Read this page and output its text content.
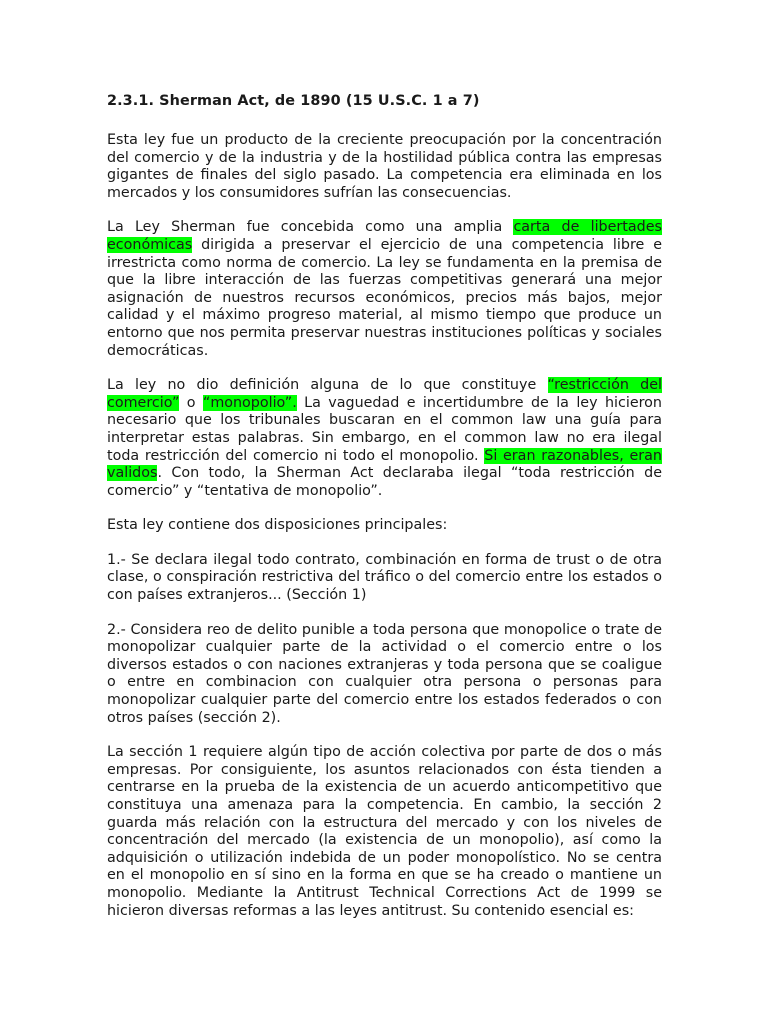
2.3.1. Sherman Act, de 1890 (15 U.S.C. 1 a 7)

Esta ley fue un producto de la creciente preocupación por la concentración del comercio y de la industria y de la hostilidad pública contra las empresas gigantes de finales del siglo pasado. La competencia era eliminada en los mercados y los consumidores sufrían las consecuencias.

La Ley Sherman fue concebida como una amplia carta de libertades económicas dirigida a preservar el ejercicio de una competencia libre e irrestricta como norma de comercio. La ley se fundamenta en la premisa de que la libre interacción de las fuerzas competitivas generará una mejor asignación de nuestros recursos económicos, precios más bajos, mejor calidad y el máximo progreso material, al mismo tiempo que produce un entorno que nos permita preservar nuestras instituciones políticas y sociales democráticas.

La ley no dio definición alguna de lo que constituye “restricción del comercio” o “monopolio”. La vaguedad e incertidumbre de la ley hicieron necesario que los tribunales buscaran en el common law una guía para interpretar estas palabras. Sin embargo, en el common law no era ilegal toda restricción del comercio ni todo el monopolio. Si eran razonables, eran validos. Con todo, la Sherman Act declaraba ilegal “toda restricción de comercio” y “tentativa de monopolio”.

Esta ley contiene dos disposiciones principales:

1.- Se declara ilegal todo contrato, combinación en forma de trust o de otra clase, o conspiración restrictiva del tráfico o del comercio entre los estados o con países extranjeros... (Sección 1)

2.- Considera reo de delito punible a toda persona que monopolice o trate de monopolizar cualquier parte de la actividad o el comercio entre o los diversos estados o con naciones extranjeras y toda persona que se coaligue o entre en combinacion con cualquier otra persona o personas para monopolizar cualquier parte del comercio entre los estados federados o con otros países (sección 2).

La sección 1 requiere algún tipo de acción colectiva por parte de dos o más empresas. Por consiguiente, los asuntos relacionados con ésta tienden a centrarse en la prueba de la existencia de un acuerdo anticompetitivo que constituya una amenaza para la competencia. En cambio, la sección 2 guarda más relación con la estructura del mercado y con los niveles de concentración del mercado (la existencia de un monopolio), así como la adquisición o utilización indebida de un poder monopolístico. No se centra en el monopolio en sí sino en la forma en que se ha creado o mantiene un monopolio. Mediante la Antitrust Technical Corrections Act de 1999 se hicieron diversas reformas a las leyes antitrust. Su contenido esencial es:
